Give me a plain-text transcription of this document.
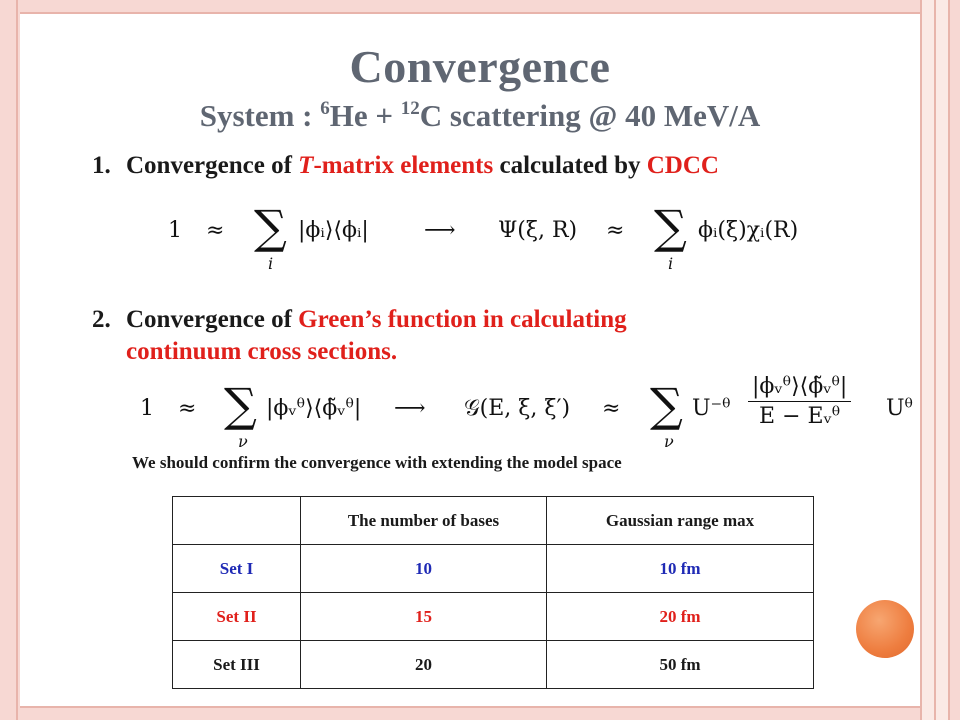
Convergence
System : $^6$He + $^{12}$C scattering @ 40 MeV/A
1. Convergence of T-matrix elements calculated by CDCC
1 ≈ ∑
i
|ϕᵢ⟩⟨ϕᵢ|	⟶ Ψ(ξ, R) ≈ ∑
i
ϕᵢ(ξ)χᵢ(R)
2. Convergence of Green’s function in calculating
continuum cross sections.
1 ≈ ∑
ν
|ϕᵥᶿ⟩⟨ϕ̃ᵥᶿ| ⟶ 𝒢(E, ξ, ξ′) ≈ ∑
ν
U⁻ᶿ $\frac{\text{|ϕᵥᶿ⟩⟨ϕ̃ᵥᶿ|}}{\text{E − Eᵥᶿ}}$ Uᶿ
We should confirm the convergence with extending the model space
	The number of bases	Gaussian range max
Set I	10	10 fm
Set II	15	20 fm
Set III	20	50 fm
